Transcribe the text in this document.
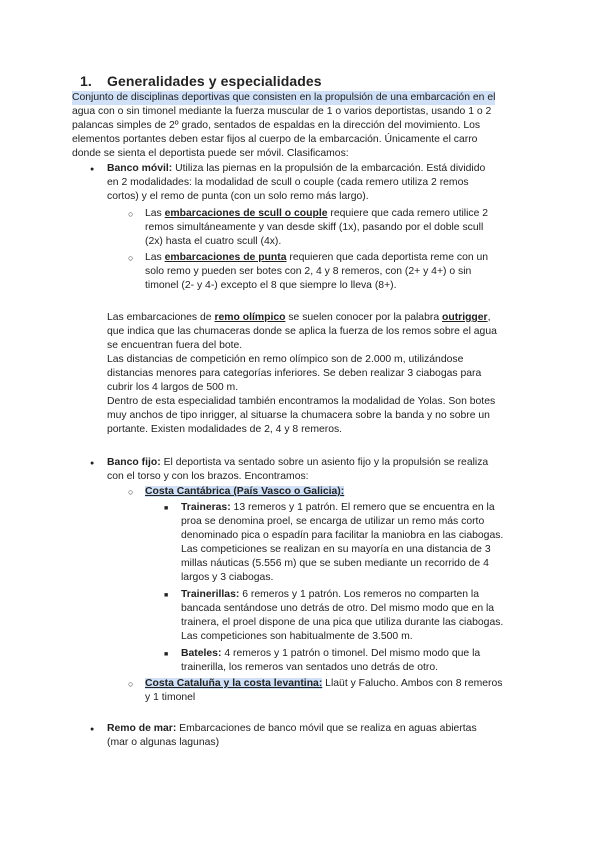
1. Generalidades y especialidades
Conjunto de disciplinas deportivas que consisten en la propulsión de una embarcación en el
agua con o sin timonel mediante la fuerza muscular de 1 o varios deportistas, usando 1 o 2
palancas simples de 2º grado, sentados de espaldas en la dirección del movimiento. Los
elementos portantes deben estar fijos al cuerpo de la embarcación. Únicamente el carro
donde se sienta el deportista puede ser móvil. Clasificamos:
●
Banco móvil: Utiliza las piernas en la propulsión de la embarcación. Está dividido
en 2 modalidades: la modalidad de scull o couple (cada remero utiliza 2 remos
cortos) y el remo de punta (con un solo remo más largo).
○
Las embarcaciones de scull o couple requiere que cada remero utilice 2
remos simultáneamente y van desde skiff (1x), pasando por el doble scull
(2x) hasta el cuatro scull (4x).
○
Las embarcaciones de punta requieren que cada deportista reme con un
solo remo y pueden ser botes con 2, 4 y 8 remeros, con (2+ y 4+) o sin
timonel (2- y 4-) excepto el 8 que siempre lo lleva (8+).
Las embarcaciones de remo olímpico se suelen conocer por la palabra outrigger,
que indica que las chumaceras donde se aplica la fuerza de los remos sobre el agua
se encuentran fuera del bote.
Las distancias de competición en remo olímpico son de 2.000 m, utilizándose
distancias menores para categorías inferiores. Se deben realizar 3 ciabogas para
cubrir los 4 largos de 500 m.
Dentro de esta especialidad también encontramos la modalidad de Yolas. Son botes
muy anchos de tipo inrigger, al situarse la chumacera sobre la banda y no sobre un
portante. Existen modalidades de 2, 4 y 8 remeros.
●
Banco fijo: El deportista va sentado sobre un asiento fijo y la propulsión se realiza
con el torso y con los brazos. Encontramos:
○
Costa Cantábrica (País Vasco o Galicia):
■
Traineras: 13 remeros y 1 patrón. El remero que se encuentra en la
proa se denomina proel, se encarga de utilizar un remo más corto
denominado pica o espadín para facilitar la maniobra en las ciabogas.
Las competiciones se realizan en su mayoría en una distancia de 3
millas náuticas (5.556 m) que se suben mediante un recorrido de 4
largos y 3 ciabogas.
■
Trainerillas: 6 remeros y 1 patrón. Los remeros no comparten la
bancada sentándose uno detrás de otro. Del mismo modo que en la
trainera, el proel dispone de una pica que utiliza durante las ciabogas.
Las competiciones son habitualmente de 3.500 m.
■
Bateles: 4 remeros y 1 patrón o timonel. Del mismo modo que la
trainerilla, los remeros van sentados uno detrás de otro.
○
Costa Cataluña y la costa levantina: Llaüt y Falucho. Ambos con 8 remeros
y 1 timonel
●
Remo de mar: Embarcaciones de banco móvil que se realiza en aguas abiertas
(mar o algunas lagunas)
